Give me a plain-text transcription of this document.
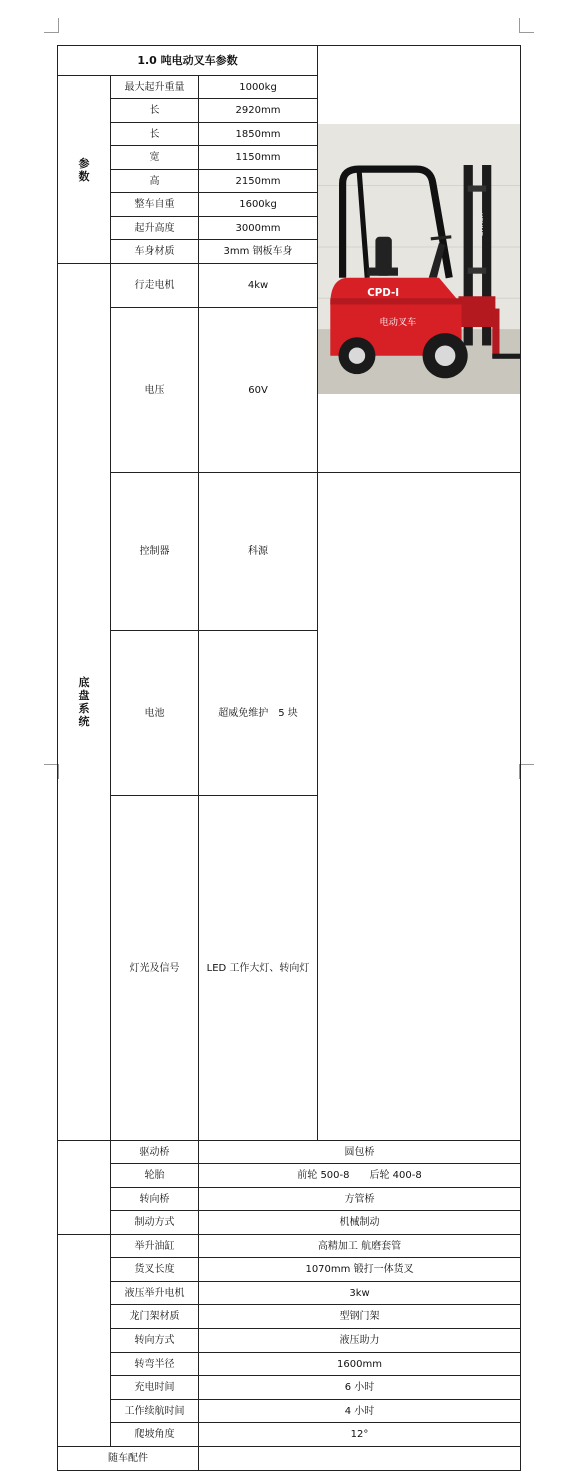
1.0 吨电动叉车参数			KEYUE
CPD-I
电动叉车	

参
数	最大起升重量	1000kg		
	长	2920mm		
	长	1850mm		
	宽	1150mm		
	高	2150mm		
	整车自重	1600kg		
	起升高度	3000mm		
	车身材质	3mm 钢板车身		

底
盘
系
统	行走电机	4kw		
	电压	60V	

	控制器	科源		
	电池	超威免维护　5 块		
	灯光及信号	LED 工作大灯、转向灯		
	驱动桥	圆包桥		
	轮胎	前轮 500-8　　后轮 400-8		
	转向桥	方管桥		
	制动方式	机械制动		
	举升油缸	高精加工 航磨套管		
	货叉长度	1070mm 锻打一体货叉		
	液压举升电机	3kw		
	龙门架材质	型钢门架		
	转向方式	液压助力		
	转弯半径	1600mm		
	充电时间	6 小时		
	工作续航时间	4 小时		
	爬坡角度	12°		
随车配件				
